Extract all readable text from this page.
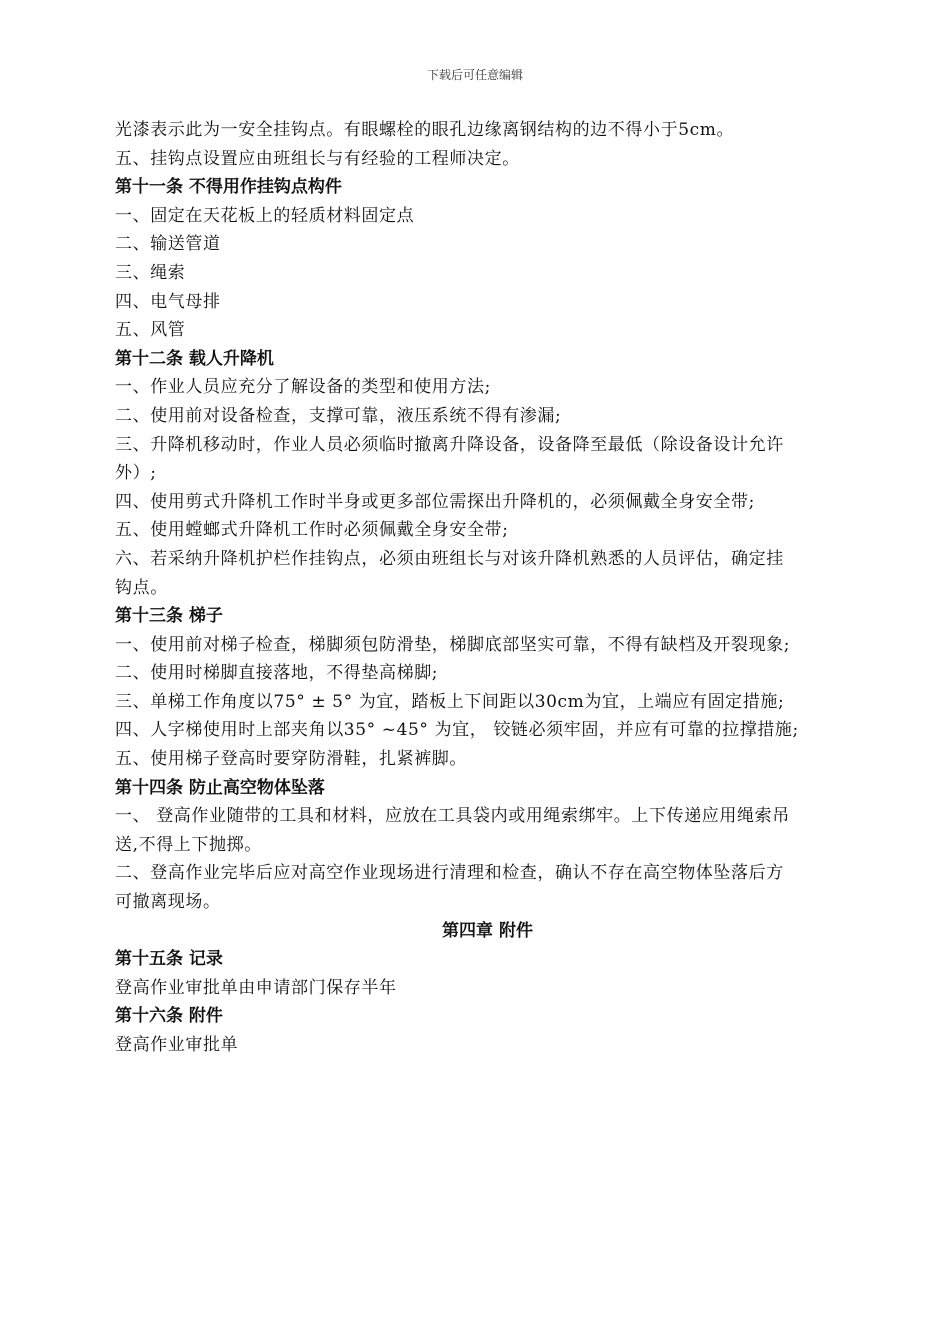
下载后可任意编辑
光漆表示此为一安全挂钩点。有眼螺栓的眼孔边缘离钢结构的边不得小于5cm。
五、挂钩点设置应由班组长与有经验的工程师决定。
第十一条 不得用作挂钩点构件
一、固定在天花板上的轻质材料固定点
二、输送管道
三、绳索
四、电气母排
五、风管
第十二条 载人升降机
一、作业人员应充分了解设备的类型和使用方法;
二、使用前对设备检查，支撑可靠，液压系统不得有渗漏;
三、升降机移动时，作业人员必须临时撤离升降设备，设备降至最低（除设备设计允许
外）;
四、使用剪式升降机工作时半身或更多部位需探出升降机的，必须佩戴全身安全带;
五、使用螳螂式升降机工作时必须佩戴全身安全带;
六、若采纳升降机护栏作挂钩点，必须由班组长与对该升降机熟悉的人员评估，确定挂
钩点。
第十三条 梯子
一、使用前对梯子检查，梯脚须包防滑垫，梯脚底部坚实可靠，不得有缺档及开裂现象;
二、使用时梯脚直接落地，不得垫高梯脚;
三、单梯工作角度以75° ± 5° 为宜，踏板上下间距以30cm为宜，上端应有固定措施;
四、人字梯使用时上部夹角以35° ~45° 为宜， 铰链必须牢固，并应有可靠的拉撑措施;
五、使用梯子登高时要穿防滑鞋，扎紧裤脚。
第十四条 防止高空物体坠落
一、 登高作业随带的工具和材料，应放在工具袋内或用绳索绑牢。上下传递应用绳索吊
送,不得上下抛掷。
二、登高作业完毕后应对高空作业现场进行清理和检查，确认不存在高空物体坠落后方
可撤离现场。
第四章 附件
第十五条 记录
登高作业审批单由申请部门保存半年
第十六条 附件
登高作业审批单
